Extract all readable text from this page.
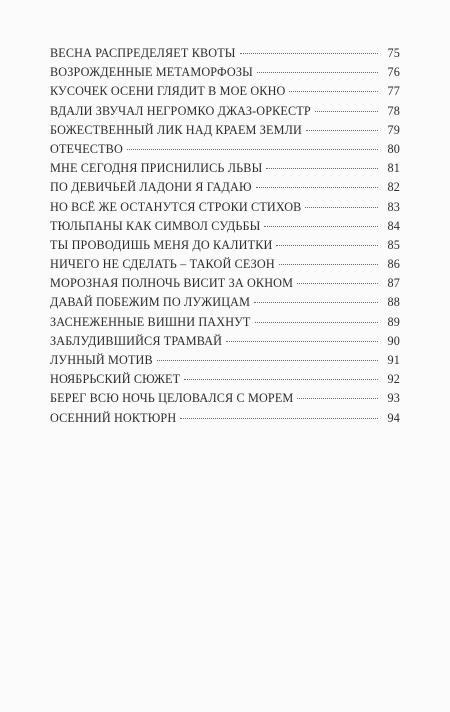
ВЕСНА РАСПРЕДЕЛЯЕТ КВОТЫ	75
ВОЗРОЖДЕННЫЕ МЕТАМОРФОЗЫ	76
КУСОЧЕК ОСЕНИ ГЛЯДИТ В МОЕ ОКНО	77
ВДАЛИ ЗВУЧАЛ НЕГРОМКО ДЖАЗ-ОРКЕСТР	78
БОЖЕСТВЕННЫЙ ЛИК НАД КРАЕМ ЗЕМЛИ	79
ОТЕЧЕСТВО	80
МНЕ СЕГОДНЯ ПРИСНИЛИСЬ ЛЬВЫ	81
ПО ДЕВИЧЬЕЙ ЛАДОНИ Я ГАДАЮ	82
НО ВСЁ ЖЕ ОСТАНУТСЯ СТРОКИ СТИХОВ	83
ТЮЛЬПАНЫ КАК СИМВОЛ СУДЬБЫ	84
ТЫ ПРОВОДИШЬ МЕНЯ ДО КАЛИТКИ	85
НИЧЕГО НЕ СДЕЛАТЬ – ТАКОЙ СЕЗОН	86
МОРОЗНАЯ ПОЛНОЧЬ ВИСИТ ЗА ОКНОМ	87
ДАВАЙ ПОБЕЖИМ ПО ЛУЖИЦАМ	88
ЗАСНЕЖЕННЫЕ ВИШНИ ПАХНУТ	89
ЗАБЛУДИВШИЙСЯ ТРАМВАЙ	90
ЛУННЫЙ МОТИВ	91
НОЯБРЬСКИЙ СЮЖЕТ	92
БЕРЕГ ВСЮ НОЧЬ ЦЕЛОВАЛСЯ С МОРЕМ	93
ОСЕННИЙ НОКТЮРН	94
